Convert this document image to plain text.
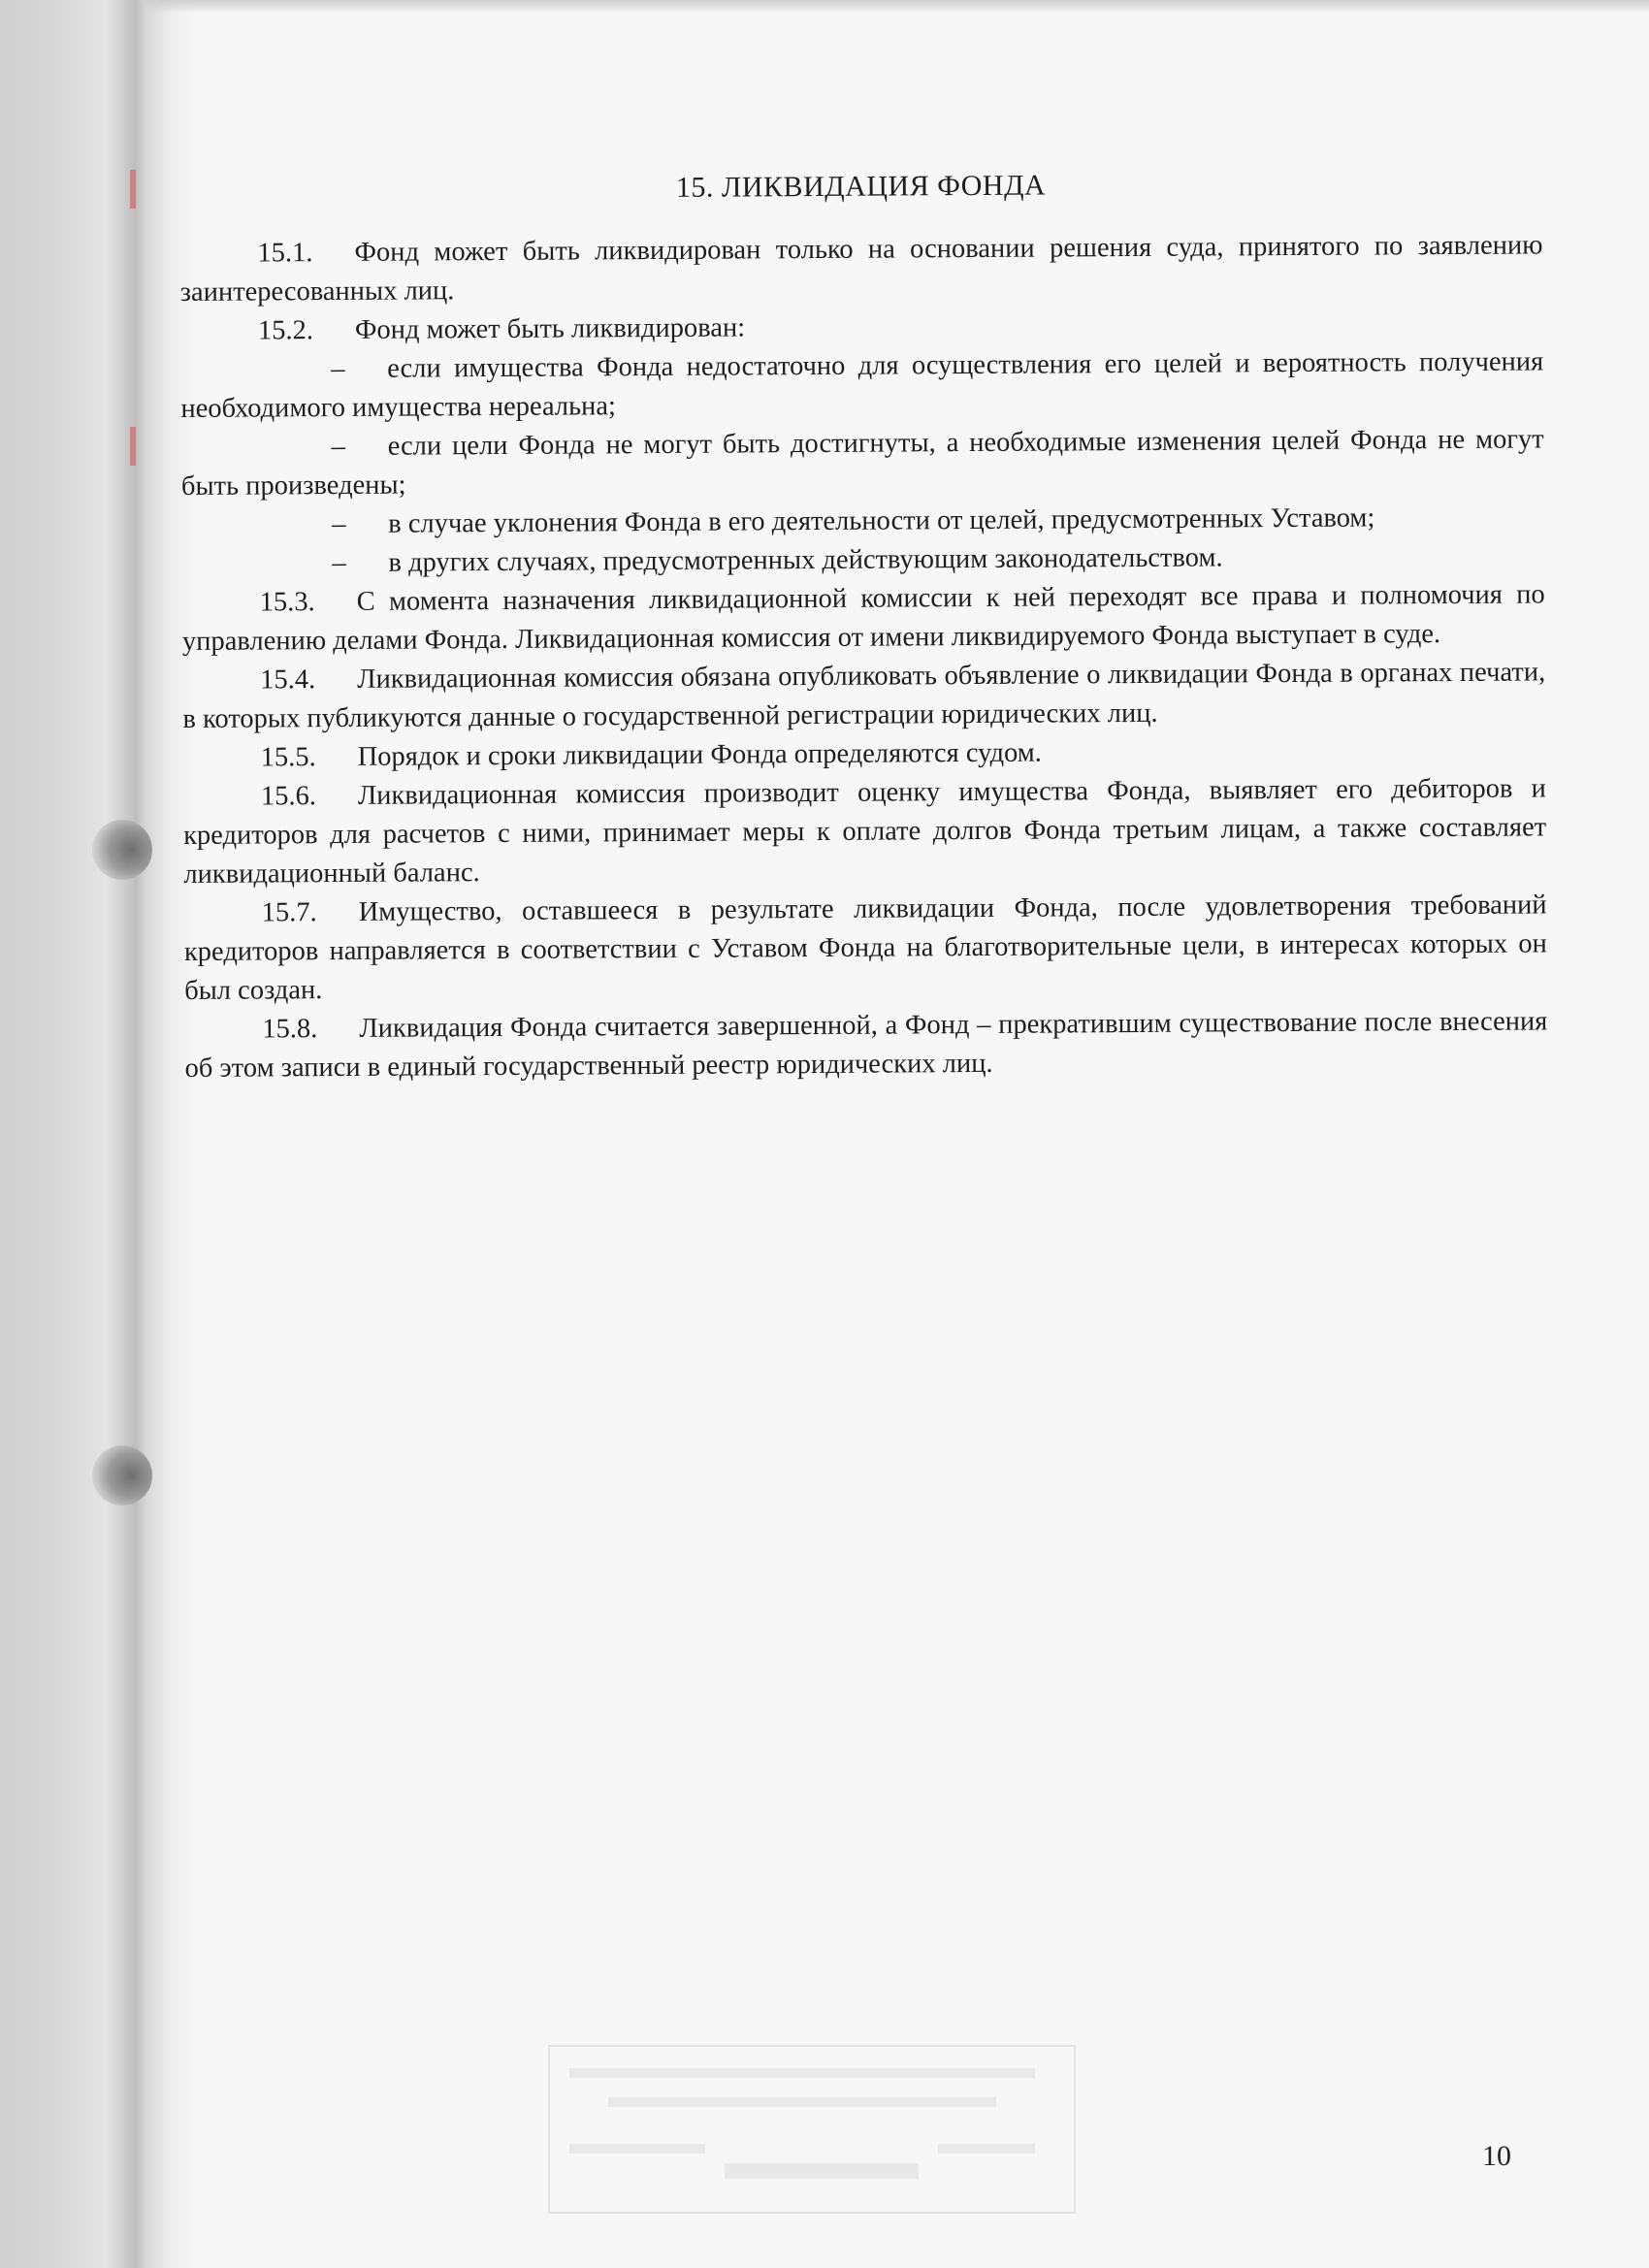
15. ЛИКВИДАЦИЯ ФОНДА

15.1. Фонд может быть ликвидирован только на основании решения суда, принятого по заявлению заинтересованных лиц.

15.2. Фонд может быть ликвидирован:

– если имущества Фонда недостаточно для осуществления его целей и вероятность получения необходимого имущества нереальна;

– если цели Фонда не могут быть достигнуты, а необходимые изменения целей Фонда не могут быть произведены;

– в случае уклонения Фонда в его деятельности от целей, предусмотренных Уставом;

– в других случаях, предусмотренных действующим законодательством.

15.3. С момента назначения ликвидационной комиссии к ней переходят все права и полномочия по управлению делами Фонда. Ликвидационная комиссия от имени ликвидируемого Фонда выступает в суде.

15.4. Ликвидационная комиссия обязана опубликовать объявление о ликвидации Фонда в органах печати, в которых публикуются данные о государственной регистрации юридических лиц.

15.5. Порядок и сроки ликвидации Фонда определяются судом.

15.6. Ликвидационная комиссия производит оценку имущества Фонда, выявляет его дебиторов и кредиторов для расчетов с ними, принимает меры к оплате долгов Фонда третьим лицам, а также составляет ликвидационный баланс.

15.7. Имущество, оставшееся в результате ликвидации Фонда, после удовлетворения требований кредиторов направляется в соответствии с Уставом Фонда на благотворительные цели, в интересах которых он был создан.

15.8. Ликвидация Фонда считается завершенной, а Фонд – прекратившим существование после внесения об этом записи в единый государственный реестр юридических лиц.

10
